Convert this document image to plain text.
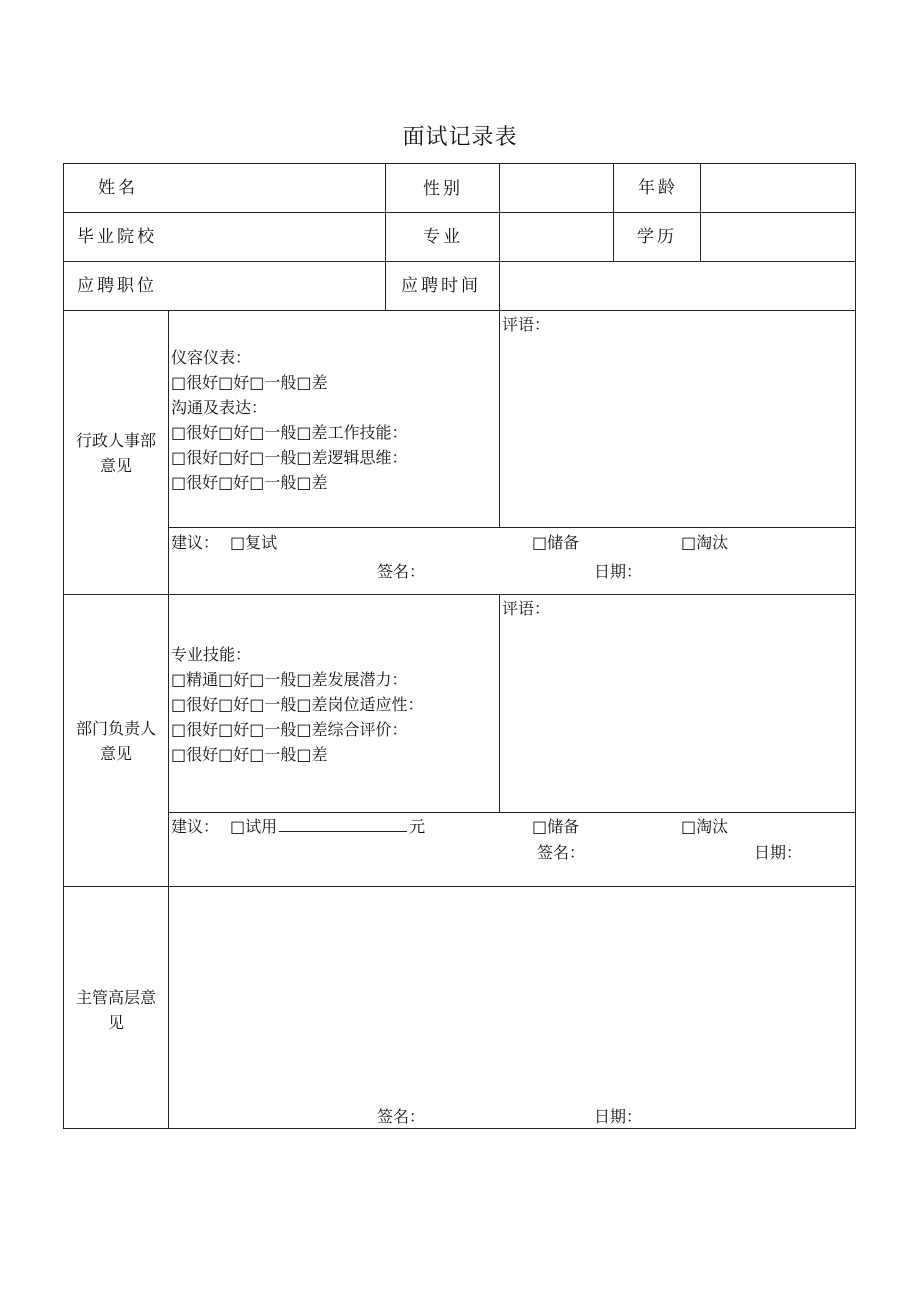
面试记录表
姓名	性别	年龄
毕业院校	专业	学历
应聘职位	应聘时间
行政人事部
意见
仪容仪表：
□很好□好□一般□差
沟通及表达：
□很好□好□一般□差工作技能：
□很好□好□一般□差逻辑思维：
□很好□好□一般□差
评语：
建议： □复试	□储备	□淘汰
签名：	日期：
部门负责人
意见
专业技能：
□精通□好□一般□差发展潜力：
□很好□好□一般□差岗位适应性：
□很好□好□一般□差综合评价：
□很好□好□一般□差
评语：
建议： □试用	元	□储备	□淘汰
签名：	日期：
主管高层意
见
签名：	日期：
